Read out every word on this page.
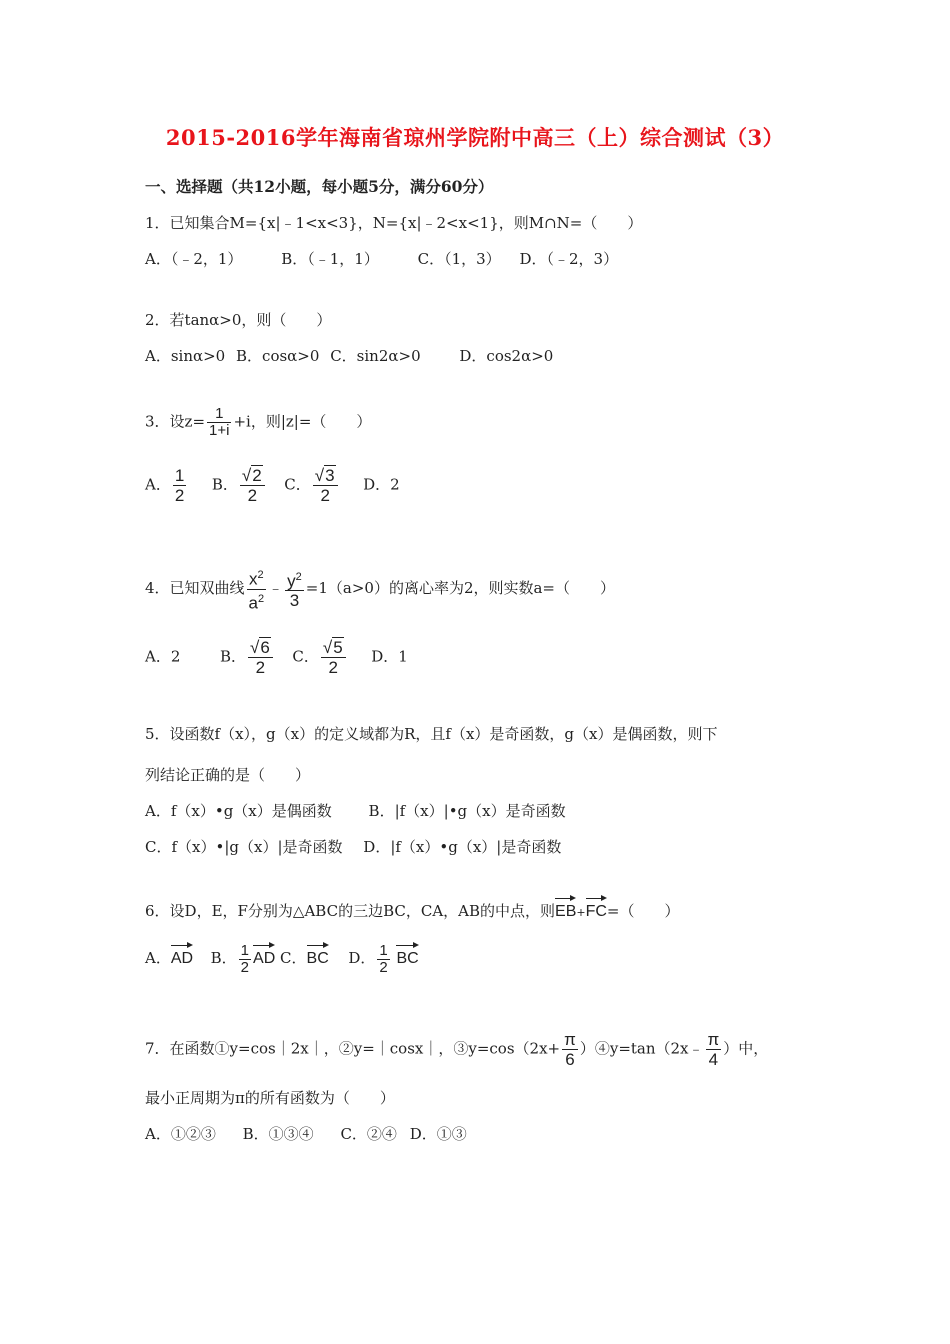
2015-2016学年海南省琼州学院附中高三（上）综合测试（3）
一、选择题（共12小题，每小题5分，满分60分）
1．已知集合M={x|﹣1<x<3}，N={x|﹣2<x<1}，则M∩N=（　　）
A．（﹣2，1）	B．（﹣1，1）	C．（1，3） D．（﹣2，3）
2．若tanα>0，则（　　）
A．sinα>0 B．cosα>0 C．sin2α>0	D．cos2α>0
3．设$z= \frac{1}{1+i} +i$，则|z|=（　　）
A． $\frac{1}{2}$ B． $\frac{√2}{2}$ C． $\frac{√3}{2}$ D．2
4．已知双曲线 $\frac{x^2}{a^2}$ ﹣ $\frac{y^2}{3} =1(a>0)$的离心率为2，则实数a=（　　）
A．2	B． $\frac{√6}{2}$ C． $\frac{√5}{2}$ D．1
5．设函数f（x），g（x）的定义域都为R，且f（x）是奇函数，g（x）是偶函数，则下
列结论正确的是（　　）
A．f（x）•g（x）是偶函数 B．|f（x）|•g（x）是奇函数
C．f（x）•|g（x）|是奇函数 D．|f（x）•g（x）|是奇函数
6．设D，E，F分别为△ABC的三边BC，CA，AB的中点，则EB+FC=（　　）
A．AD B． $\frac{1}{2}$ AD C．BC D． $\frac{1}{2}$ BC
7．在函数①y=cos｜2x｜，②y=｜cosx｜，③y=cos（2x+ $\frac{\pi}{6}$ ）④y=tan（2x﹣ $\frac{\pi}{4}$ ）中，
最小正周期为π的所有函数为（　　）
A．①②③ B．①③④ C．②④ D．①③
